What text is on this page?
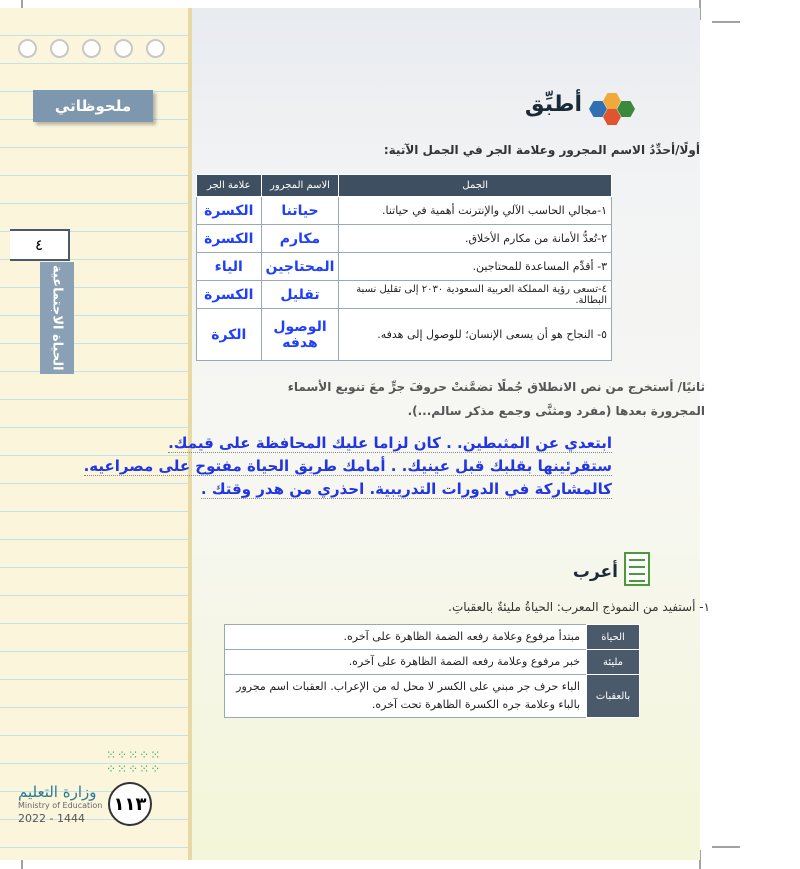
ملحوظاتي
٤
الحياة الاجتماعية
⁙⁘⁙⁘⁙
⁘⁙⁘⁙⁘
وزارة التعليم
Ministry of Education
2022 - 1444
١١٣
أطبِّق
أولًا/أحدِّدُ الاسم المجرور وعلامة الجر في الجمل الآتية:
الجمل	الاسم المجرور	علامة الجر
١-مجالي الحاسب الآلي والإنترنت أهمية في حياتنا.	حياتنا	الكسرة
٢-تُعدُّ الأمانة من مكارم الأخلاق.	مكارم	الكسرة
٣- أقدِّم المساعدة للمحتاجين.	المحتاجين	الياء
٤-تسعى رؤية المملكة العربية السعودية ٢٠٣٠ إلى تقليل نسبة البطالة.	تقليل	الكسرة
٥- النجاح هو أن يسعى الإنسان؛ للوصول إلى هدفه.	الوصول هدفه	الكرة
ثانيًا/ أستخرج من نص الانطلاق جُملًا تضمَّنتْ حروفَ جرٍّ معَ تنويع الأسماء
المجرورة بعدها (مفرد ومثنَّى وجمع مذكر سالم...).
ابتعدي عن المثبطين. . كان لزاما عليك المحافظة على قيمك.
ستقرئينها بقلبك قبل عينيك. . أمامك طريق الحياة مفتوح على مصراعيه.
كالمشاركة في الدورات التدريبية. احذري من هدر وقتك .
أعرب
١- أستفيد من النموذج المعرب: الحياةُ مليئةٌ بالعقباتِ.
الحياة	مبتدأ مرفوع وعلامة رفعه الضمة الظاهرة على آخره.
مليئة	خبر مرفوع وعلامة رفعه الضمة الظاهرة على آخره.
بالعقبات	الباء حرف جر مبني على الكسر لا محل له من الإعراب. العقبات اسم مجرور بالباء وعلامة جره الكسرة الظاهرة تحت آخره.
